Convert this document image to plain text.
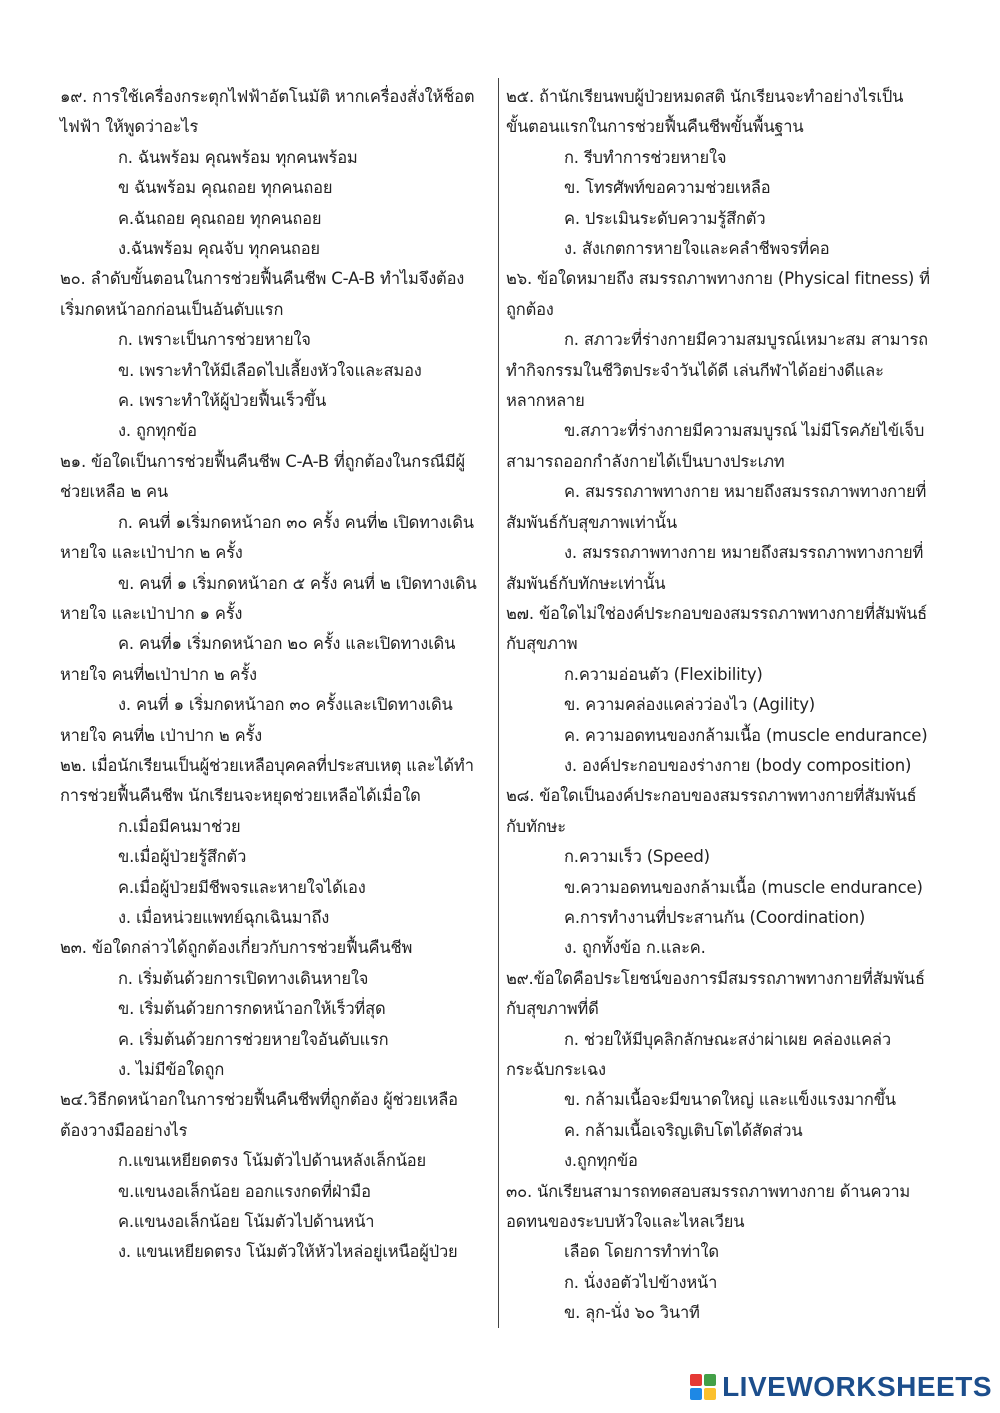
๑๙. การใช้เครื่องกระตุกไฟฟ้าอัตโนมัติ หากเครื่องสั่งให้ช็อต
ไฟฟ้า ให้พูดว่าอะไร
ก. ฉันพร้อม คุณพร้อม ทุกคนพร้อม
ข ฉันพร้อม คุณถอย ทุกคนถอย
ค.ฉันถอย คุณถอย ทุกคนถอย
ง.ฉันพร้อม คุณจับ ทุกคนถอย
๒๐. ลำดับขั้นตอนในการช่วยฟื้นคืนชีพ C-A-B ทำไมจึงต้อง
เริ่มกดหน้าอกก่อนเป็นอันดับแรก
ก. เพราะเป็นการช่วยหายใจ
ข. เพราะทำให้มีเลือดไปเลี้ยงหัวใจและสมอง
ค. เพราะทำให้ผู้ป่วยฟื้นเร็วขึ้น
ง. ถูกทุกข้อ
๒๑. ข้อใดเป็นการช่วยฟื้นคืนชีพ C-A-B ที่ถูกต้องในกรณีมีผู้
ช่วยเหลือ ๒ คน
ก. คนที่ ๑เริ่มกดหน้าอก ๓๐ ครั้ง คนที่๒ เปิดทางเดิน
หายใจ และเป่าปาก ๒ ครั้ง
ข. คนที่ ๑ เริ่มกดหน้าอก ๕ ครั้ง คนที่ ๒ เปิดทางเดิน
หายใจ และเป่าปาก ๑ ครั้ง
ค. คนที่๑ เริ่มกดหน้าอก ๒๐ ครั้ง และเปิดทางเดิน
หายใจ คนที่๒เป่าปาก ๒ ครั้ง
ง. คนที่ ๑ เริ่มกดหน้าอก ๓๐ ครั้งและเปิดทางเดิน
หายใจ คนที่๒ เป่าปาก ๒ ครั้ง
๒๒. เมื่อนักเรียนเป็นผู้ช่วยเหลือบุคคลที่ประสบเหตุ และได้ทำ
การช่วยฟื้นคืนชีพ นักเรียนจะหยุดช่วยเหลือได้เมื่อใด
ก.เมื่อมีคนมาช่วย
ข.เมื่อผู้ป่วยรู้สึกตัว
ค.เมื่อผู้ป่วยมีชีพจรและหายใจได้เอง
ง. เมื่อหน่วยแพทย์ฉุกเฉินมาถึง
๒๓. ข้อใดกล่าวได้ถูกต้องเกี่ยวกับการช่วยฟื้นคืนชีพ
ก. เริ่มต้นด้วยการเปิดทางเดินหายใจ
ข. เริ่มต้นด้วยการกดหน้าอกให้เร็วที่สุด
ค. เริ่มต้นด้วยการช่วยหายใจอันดับแรก
ง. ไม่มีข้อใดถูก
๒๔.วิธีกดหน้าอกในการช่วยฟื้นคืนชีพที่ถูกต้อง ผู้ช่วยเหลือ
ต้องวางมืออย่างไร
ก.แขนเหยียดตรง โน้มตัวไปด้านหลังเล็กน้อย
ข.แขนงอเล็กน้อย ออกแรงกดที่ฝ่ามือ
ค.แขนงอเล็กน้อย โน้มตัวไปด้านหน้า
ง. แขนเหยียดตรง โน้มตัวให้หัวไหล่อยู่เหนือผู้ป่วย
๒๕. ถ้านักเรียนพบผู้ป่วยหมดสติ นักเรียนจะทำอย่างไรเป็น
ขั้นตอนแรกในการช่วยฟื้นคืนชีพขั้นพื้นฐาน
ก. รีบทำการช่วยหายใจ
ข. โทรศัพท์ขอความช่วยเหลือ
ค. ประเมินระดับความรู้สึกตัว
ง. สังเกตการหายใจและคลำชีพจรที่คอ
๒๖. ข้อใดหมายถึง สมรรถภาพทางกาย (Physical fitness) ที่
ถูกต้อง
ก. สภาวะที่ร่างกายมีความสมบูรณ์เหมาะสม สามารถ
ทำกิจกรรมในชีวิตประจำวันได้ดี เล่นกีฬาได้อย่างดีและ
หลากหลาย
ข.สภาวะที่ร่างกายมีความสมบูรณ์ ไม่มีโรคภัยไข้เจ็บ
สามารถออกกำลังกายได้เป็นบางประเภท
ค. สมรรถภาพทางกาย หมายถึงสมรรถภาพทางกายที่
สัมพันธ์กับสุขภาพเท่านั้น
ง. สมรรถภาพทางกาย หมายถึงสมรรถภาพทางกายที่
สัมพันธ์กับทักษะเท่านั้น
๒๗. ข้อใดไม่ใช่องค์ประกอบของสมรรถภาพทางกายที่สัมพันธ์
กับสุขภาพ
ก.ความอ่อนตัว (Flexibility)
ข. ความคล่องแคล่วว่องไว (Agility)
ค. ความอดทนของกล้ามเนื้อ (muscle endurance)
ง. องค์ประกอบของร่างกาย (body composition)
๒๘. ข้อใดเป็นองค์ประกอบของสมรรถภาพทางกายที่สัมพันธ์
กับทักษะ
ก.ความเร็ว (Speed)
ข.ความอดทนของกล้ามเนื้อ (muscle endurance)
ค.การทำงานที่ประสานกัน (Coordination)
ง. ถูกทั้งข้อ ก.และค.
๒๙.ข้อใดคือประโยชน์ของการมีสมรรถภาพทางกายที่สัมพันธ์
กับสุขภาพที่ดี
ก. ช่วยให้มีบุคลิกลักษณะสง่าผ่าเผย คล่องแคล่ว
กระฉับกระเฉง
ข. กล้ามเนื้อจะมีขนาดใหญ่ และแข็งแรงมากขึ้น
ค. กล้ามเนื้อเจริญเติบโตได้สัดส่วน
ง.ถูกทุกข้อ
๓๐. นักเรียนสามารถทดสอบสมรรถภาพทางกาย ด้านความ
อดทนของระบบหัวใจและไหลเวียน
เลือด โดยการทำท่าใด
ก. นั่งงอตัวไปข้างหน้า
ข. ลุก-นั่ง ๖๐ วินาที
LIVEWORKSHEETS
